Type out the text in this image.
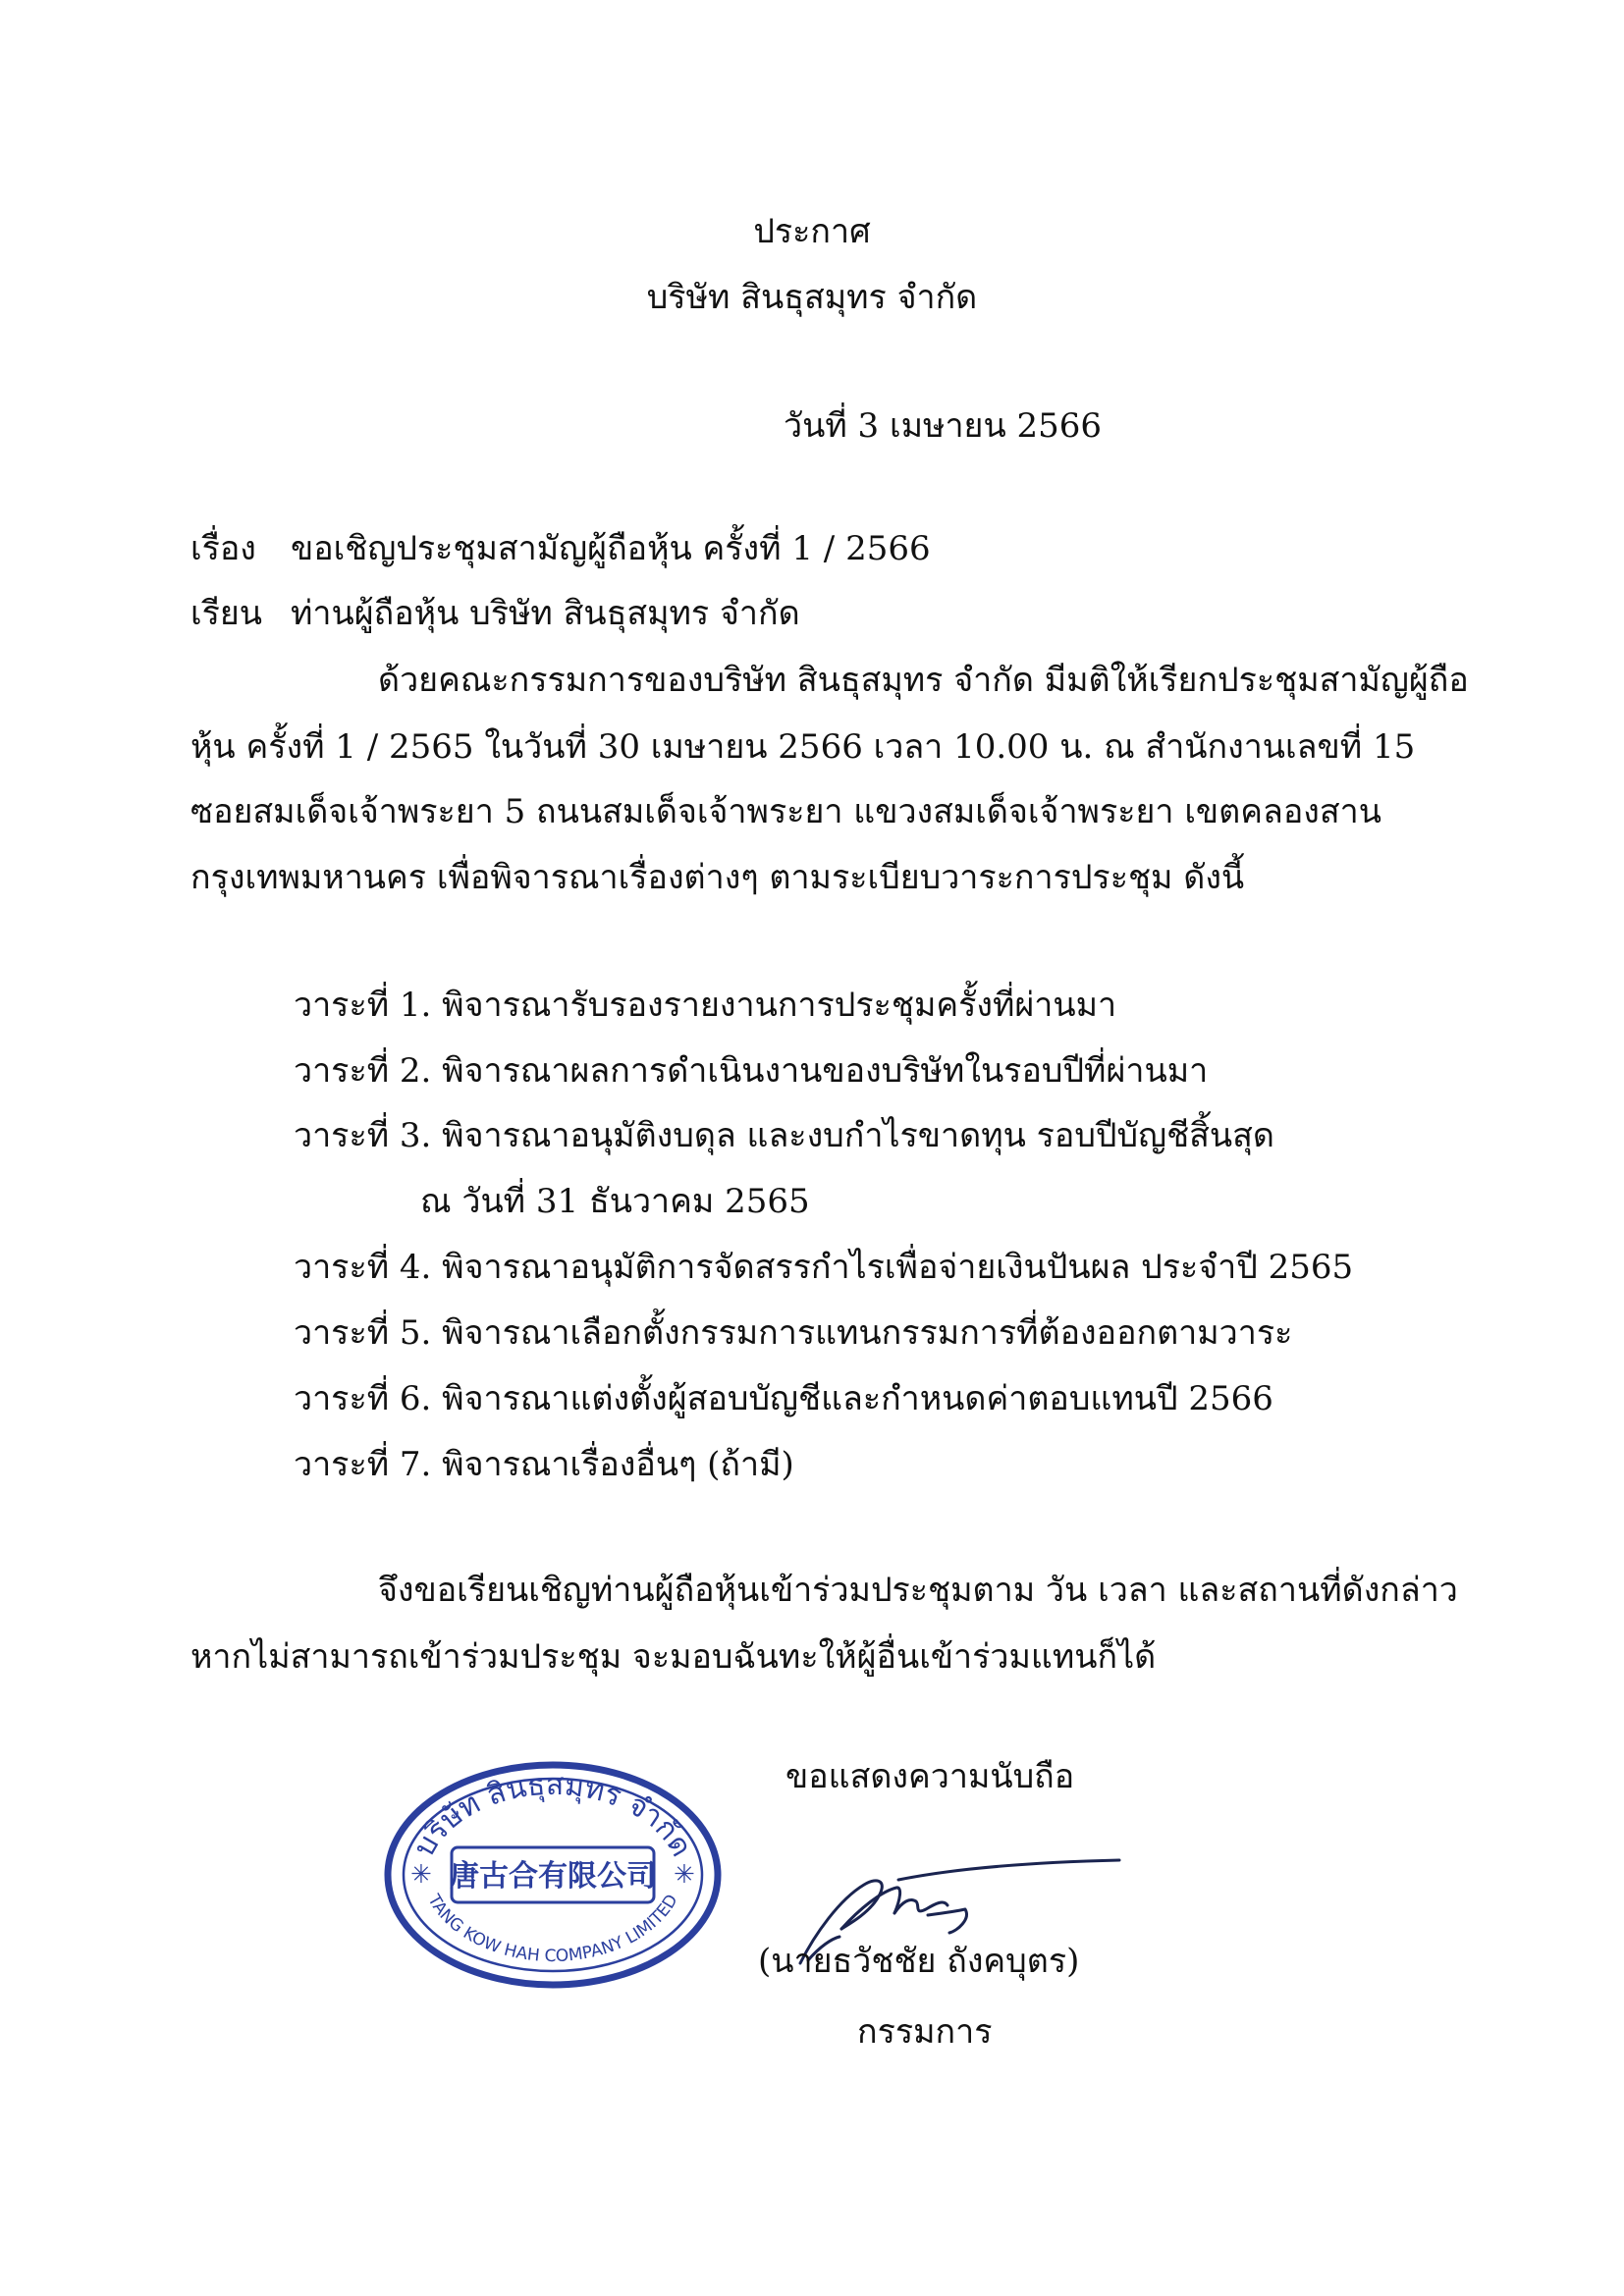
ประกาศ
บริษัท สินธุสมุทร จำกัด
วันที่ 3 เมษายน 2566
เรื่อง ขอเชิญประชุมสามัญผู้ถือหุ้น ครั้งที่ 1 / 2566
เรียน ท่านผู้ถือหุ้น บริษัท สินธุสมุทร จำกัด
ด้วยคณะกรรมการของบริษัท สินธุสมุทร จำกัด มีมติให้เรียกประชุมสามัญผู้ถือ
หุ้น ครั้งที่ 1 / 2565 ในวันที่ 30 เมษายน 2566 เวลา 10.00 น. ณ สำนักงานเลขที่ 15
ซอยสมเด็จเจ้าพระยา 5 ถนนสมเด็จเจ้าพระยา แขวงสมเด็จเจ้าพระยา เขตคลองสาน
กรุงเทพมหานคร เพื่อพิจารณาเรื่องต่างๆ ตามระเบียบวาระการประชุม ดังนี้
วาระที่ 1. พิจารณารับรองรายงานการประชุมครั้งที่ผ่านมา
วาระที่ 2. พิจารณาผลการดำเนินงานของบริษัทในรอบปีที่ผ่านมา
วาระที่ 3. พิจารณาอนุมัติงบดุล และงบกำไรขาดทุน รอบปีบัญชีสิ้นสุด
ณ วันที่ 31 ธันวาคม 2565
วาระที่ 4. พิจารณาอนุมัติการจัดสรรกำไรเพื่อจ่ายเงินปันผล ประจำปี 2565
วาระที่ 5. พิจารณาเลือกตั้งกรรมการแทนกรรมการที่ต้องออกตามวาระ
วาระที่ 6. พิจารณาแต่งตั้งผู้สอบบัญชีและกำหนดค่าตอบแทนปี 2566
วาระที่ 7. พิจารณาเรื่องอื่นๆ (ถ้ามี)
จึงขอเรียนเชิญท่านผู้ถือหุ้นเข้าร่วมประชุมตาม วัน เวลา และสถานที่ดังกล่าว
หากไม่สามารถเข้าร่วมประชุม จะมอบฉันทะให้ผู้อื่นเข้าร่วมแทนก็ได้
ขอแสดงความนับถือ
บริษัท สินธุสมุทร จำกัด
唐古合有限公司
TANG KOW HAH COMPANY LIMITED
✳	✳
(นายธวัชชัย ถังคบุตร)
กรรมการ
